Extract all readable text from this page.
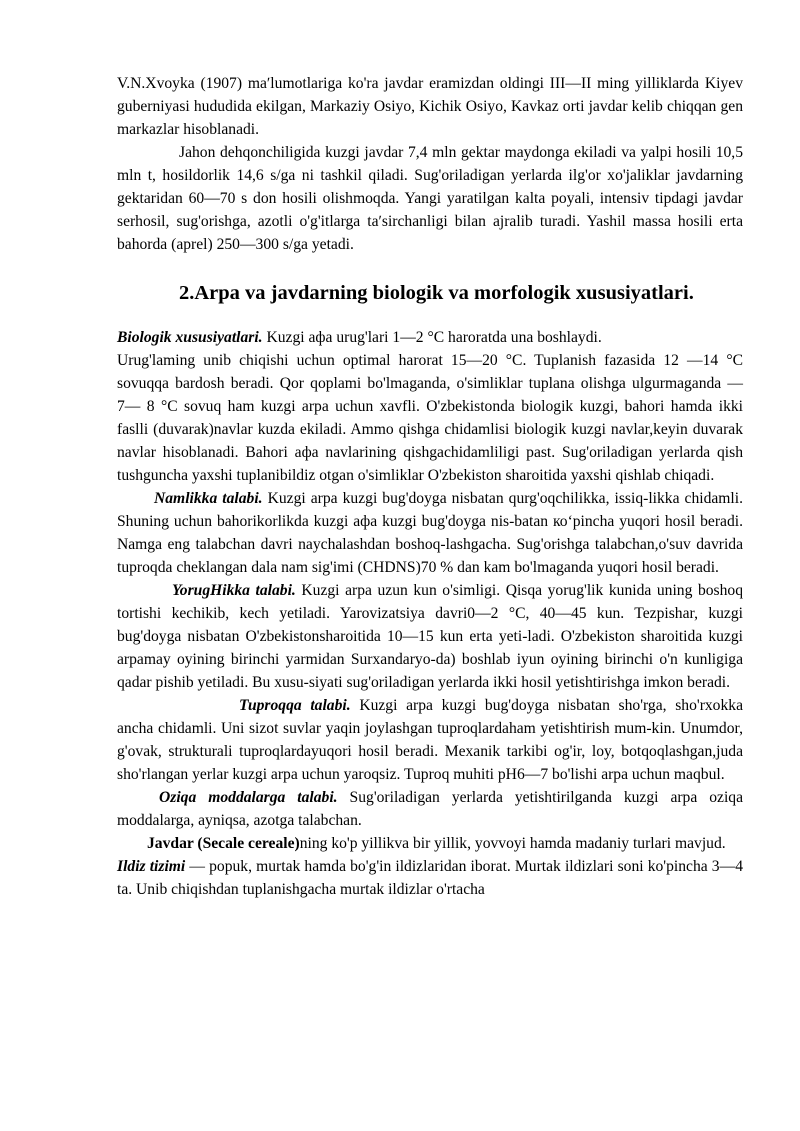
V.N.Xvoyka (1907) maʹlumotlariga ko'ra javdar eramizdan oldingi III―II ming yilliklarda Kiyev guberniyasi hududida ekilgan, Markaziy Osiyo, Kichik Osiyo, Kavkaz orti javdar kelib chiqqan gen markazlar hisoblanadi.

Jahon dehqonchiligida kuzgi javdar 7,4 mln gektar maydonga ekiladi va yalpi hosili 10,5 mln t, hosildorlik 14,6 s/ga ni tashkil qiladi. Sug'oriladigan yerlarda ilg'or xo'jaliklar javdarning gektaridan 60―70 s don hosili olishmoqda. Yangi yaratilgan kalta poyali, intensiv tipdagi javdar serhosil, sug'orishga, azotli o'g'itlarga taʹsirchanligi bilan ajralib turadi. Yashil massa hosili erta bahorda (aprel) 250―300 s/ga yetadi.

2.Arpa va javdarning biologik va morfologik xususiyatlari.

Biologik xususiyatlari. Kuzgi aфa urug'lari 1—2 °C haroratda una boshlaydi.

Urug'laming unib chiqishi uchun optimal harorat 15―20 °C. Tuplanish fazasida 12 ―14 °C sovuqqa bardosh beradi. Qor qoplami bo'lmaganda, o'simliklar tuplana olishga ulgurmaganda ― 7― 8 °C sovuq ham kuzgi arpa uchun xavfli. O'zbekistonda biologik kuzgi, bahori hamda ikki faslli (duvarak)navlar kuzda ekiladi. Ammo qishga chidamlisi biologik kuzgi navlar,keyin duvarak navlar hisoblanadi. Bahori aфa navlarining qishgachidamliligi past. Sug'oriladigan yerlarda qish tushguncha yaxshi tuplanibildiz otgan o'simliklar O'zbekiston sharoitida yaxshi qishlab chiqadi.

Namlikka talabi. Kuzgi arpa kuzgi bug'doyga nisbatan qurg'oqchilikka, issiq-likka chidamli. Shuning uchun bahorikorlikda kuzgi aфa kuzgi bug'doyga nis-batan ко‘pincha yuqori hosil beradi. Namga eng talabchan davri naychalashdan boshoq-lashgacha. Sug'orishga talabchan,o'suv davrida tuproqda cheklangan dala nam sig'imi (CHDNS)70 % dan kam bo'lmaganda yuqori hosil beradi.

YorugHikka talabi. Kuzgi arpa uzun kun o'simligi. Qisqa yorug'lik kunida uning boshoq tortishi kechikib, kech yetiladi. Yarovizatsiya davri0—2 °C, 40―45 kun. Tezpishar, kuzgi bug'doyga nisbatan O'zbekistonsharoitida 10―15 kun erta yeti-ladi. O'zbekiston sharoitida kuzgi arpamay oyining birinchi yarmidan Surxandaryo-da) boshlab iyun oyining birinchi o'n kunligiga qadar pishib yetiladi. Bu xusu-siyati sug'oriladigan yerlarda ikki hosil yetishtirishga imkon beradi.

Tuproqqa talabi. Kuzgi arpa kuzgi bug'doyga nisbatan sho'rga, sho'rxokka ancha chidamli. Uni sizot suvlar yaqin joylashgan tuproqlardaham yetishtirish mum-kin. Unumdor, g'ovak, strukturali tuproqlardayuqori hosil beradi. Mexanik tarkibi og'ir, loy, botqoqlashgan,juda sho'rlangan yerlar kuzgi arpa uchun yaroqsiz. Tuproq muhiti pH6—7 bo'lishi arpa uchun maqbul.

Oziqa moddalarga talabi. Sug'oriladigan yerlarda yetishtirilganda kuzgi arpa oziqa moddalarga, ayniqsa, azotga talabchan.

Javdar (Secale cereale)ning ko'p yillikva bir yillik, yovvoyi hamda madaniy turlari mavjud.

Ildiz tizimi ― popuk, murtak hamda bo'g'in ildizlaridan iborat. Murtak ildizlari soni ko'pincha 3—4 ta. Unib chiqishdan tuplanishgacha murtak ildizlar o'rtacha
